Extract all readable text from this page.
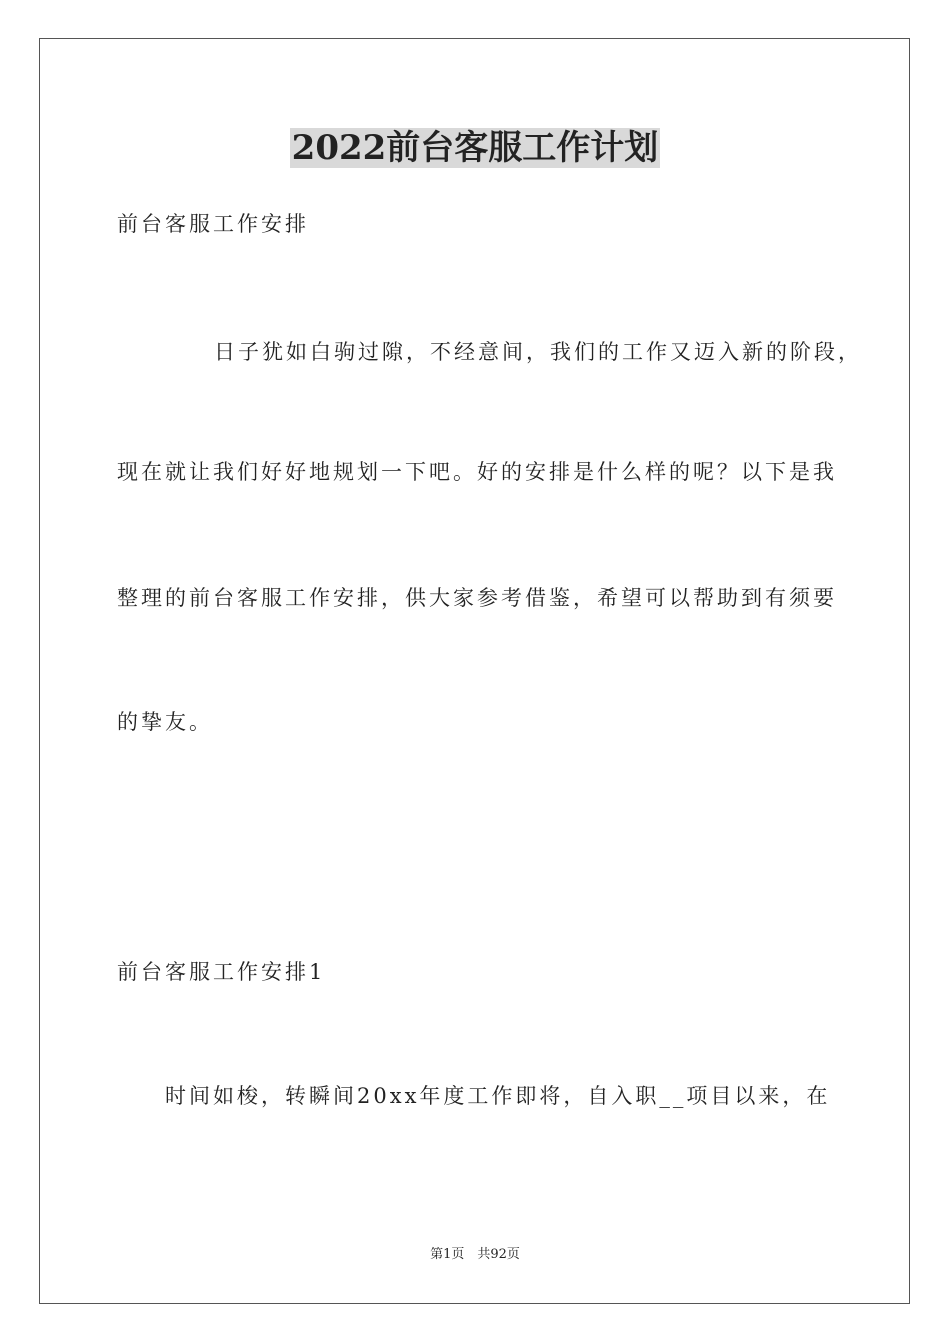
2022前台客服工作计划
前台客服工作安排
日子犹如白驹过隙，不经意间，我们的工作又迈入新的阶段，
现在就让我们好好地规划一下吧。好的安排是什么样的呢？以下是我
整理的前台客服工作安排，供大家参考借鉴，希望可以帮助到有须要
的挚友。
前台客服工作安排1
时间如梭，转瞬间20xx年度工作即将，自入职__项目以来，在
第1页　共92页
